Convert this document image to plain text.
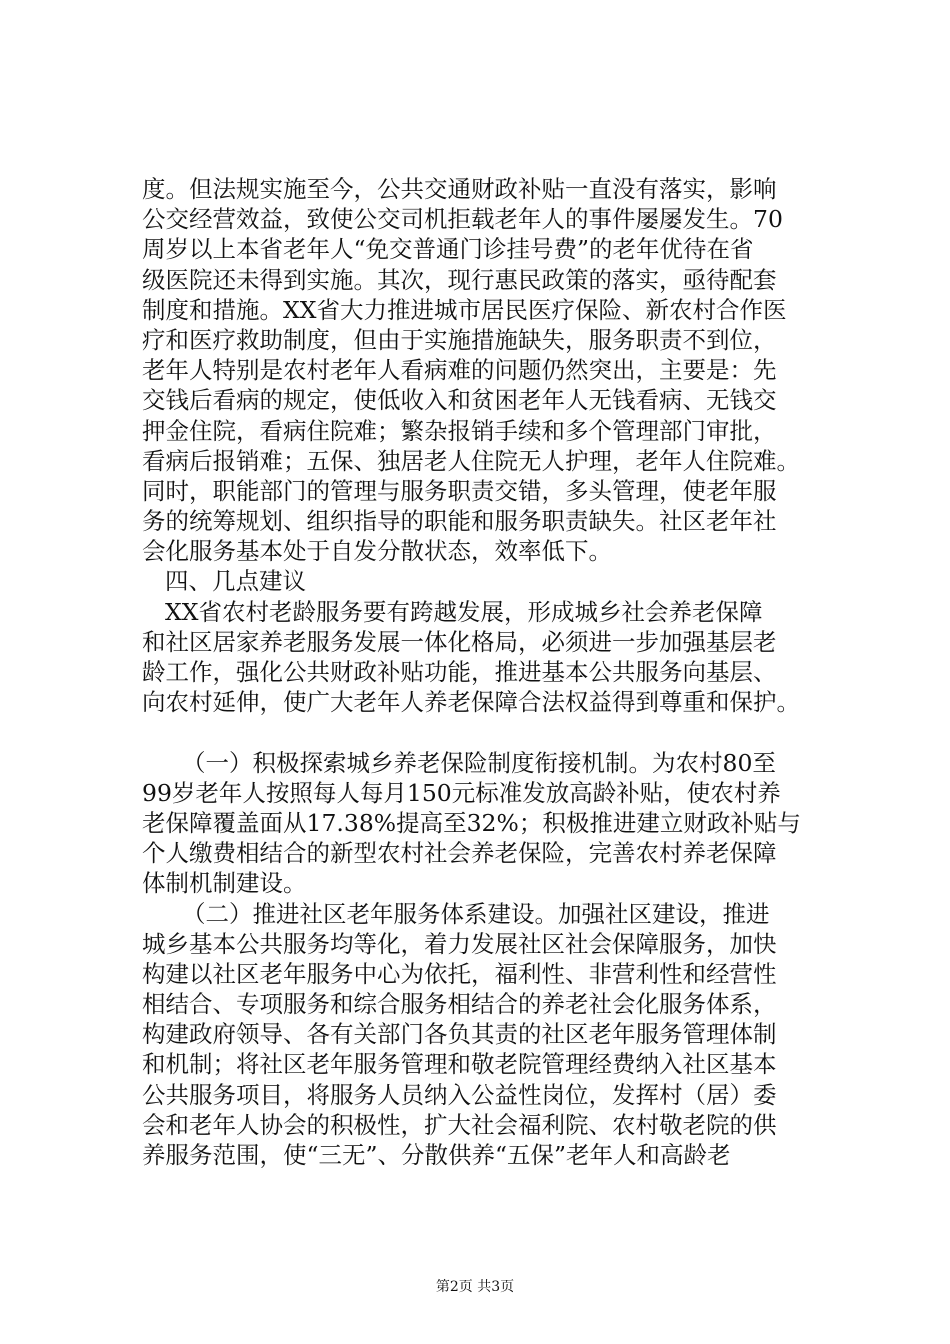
度。但法规实施至今，公共交通财政补贴一直没有落实，影响
公交经营效益，致使公交司机拒载老年人的事件屡屡发生。70
周岁以上本省老年人“免交普通门诊挂号费”的老年优待在省
级医院还未得到实施。其次，现行惠民政策的落实，亟待配套
制度和措施。XX省大力推进城市居民医疗保险、新农村合作医
疗和医疗救助制度，但由于实施措施缺失，服务职责不到位，
老年人特别是农村老年人看病难的问题仍然突出，主要是：先
交钱后看病的规定，使低收入和贫困老年人无钱看病、无钱交
押金住院，看病住院难；繁杂报销手续和多个管理部门审批，
看病后报销难；五保、独居老人住院无人护理，老年人住院难。
同时，职能部门的管理与服务职责交错，多头管理，使老年服
务的统筹规划、组织指导的职能和服务职责缺失。社区老年社
会化服务基本处于自发分散状态，效率低下。
四、几点建议
XX省农村老龄服务要有跨越发展，形成城乡社会养老保障
和社区居家养老服务发展一体化格局，必须进一步加强基层老
龄工作，强化公共财政补贴功能，推进基本公共服务向基层、
向农村延伸，使广大老年人养老保障合法权益得到尊重和保护。
（一）积极探索城乡养老保险制度衔接机制。为农村80至
99岁老年人按照每人每月150元标准发放高龄补贴，使农村养
老保障覆盖面从17.38%提高至32%；积极推进建立财政补贴与
个人缴费相结合的新型农村社会养老保险，完善农村养老保障
体制机制建设。
（二）推进社区老年服务体系建设。加强社区建设，推进
城乡基本公共服务均等化，着力发展社区社会保障服务，加快
构建以社区老年服务中心为依托，福利性、非营利性和经营性
相结合、专项服务和综合服务相结合的养老社会化服务体系，
构建政府领导、各有关部门各负其责的社区老年服务管理体制
和机制；将社区老年服务管理和敬老院管理经费纳入社区基本
公共服务项目，将服务人员纳入公益性岗位，发挥村（居）委
会和老年人协会的积极性，扩大社会福利院、农村敬老院的供
养服务范围，使“三无”、分散供养“五保”老年人和高龄老
第2页 共3页
